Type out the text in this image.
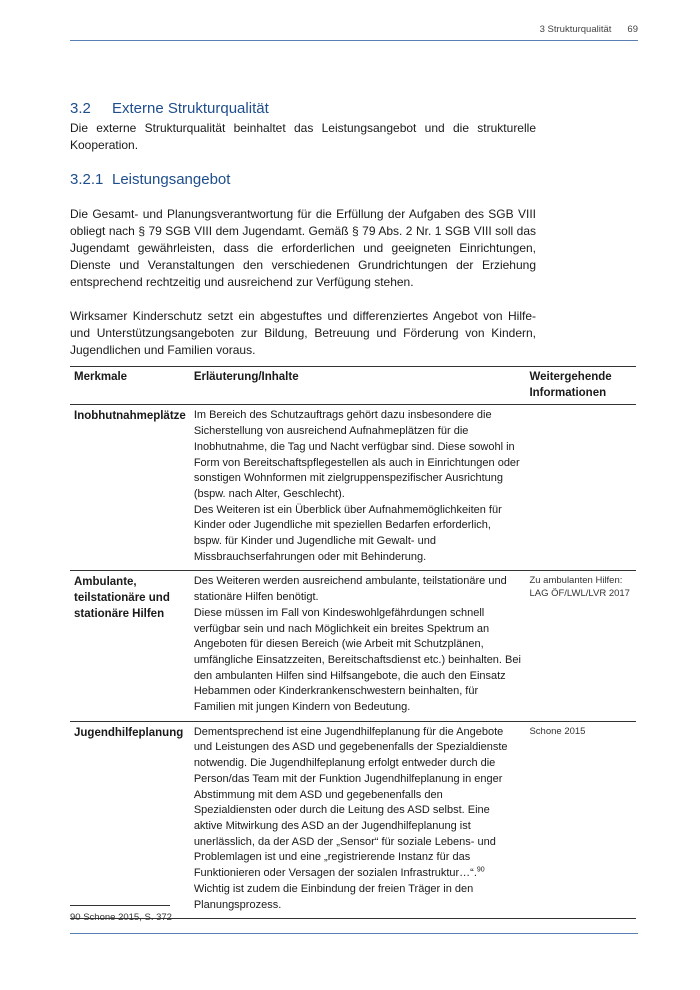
3 Strukturqualität 69
3.2 Externe Strukturqualität

Die externe Strukturqualität beinhaltet das Leistungsangebot und die strukturelle Kooperation.

3.2.1 Leistungsangebot

Die Gesamt- und Planungsverantwortung für die Erfüllung der Aufgaben des SGB VIII obliegt nach § 79 SGB VIII dem Jugendamt. Gemäß § 79 Abs. 2 Nr. 1 SGB VIII soll das Jugendamt gewährleisten, dass die erforderlichen und geeigneten Einrichtungen, Dienste und Veranstaltungen den verschiedenen Grundrichtungen der Erziehung entsprechend rechtzeitig und ausreichend zur Verfügung stehen.

Wirksamer Kinderschutz setzt ein abgestuftes und differenziertes Angebot von Hilfe- und Unterstützungsangeboten zur Bildung, Betreuung und Förderung von Kindern, Jugendlichen und Familien voraus.

Merkmale	Erläuterung/Inhalte	Weitergehende Informationen
Inobhutnahmeplätze	Im Bereich des Schutzauftrags gehört dazu insbesondere die Sicherstellung von ausreichend Aufnahmeplätzen für die Inobhutnahme, die Tag und Nacht verfügbar sind. Diese sowohl in Form von Bereitschaftspflegestellen als auch in Einrichtungen oder sonstigen Wohnformen mit zielgruppenspezifischer Ausrichtung (bspw. nach Alter, Geschlecht).
Des Weiteren ist ein Überblick über Aufnahmemöglichkeiten für Kinder oder Jugendliche mit speziellen Bedarfen erforderlich, bspw. für Kinder und Jugendliche mit Gewalt- und Missbrauchserfahrungen oder mit Behinderung.	

Ambulante, teilstationäre und stationäre Hilfen	Des Weiteren werden ausreichend ambulante, teilstationäre und stationäre Hilfen benötigt.
Diese müssen im Fall von Kindeswohlgefährdungen schnell verfügbar sein und nach Möglichkeit ein breites Spektrum an Angeboten für diesen Bereich (wie Arbeit mit Schutzplänen, umfängliche Einsatzzeiten, Bereitschaftsdienst etc.) beinhalten. Bei den ambulanten Hilfen sind Hilfsangebote, die auch den Einsatz Hebammen oder Kinderkrankenschwestern beinhalten, für Familien mit jungen Kindern von Bedeutung.	Zu ambulanten Hilfen: LAG ÖF/LWL/LVR 2017
Jugendhilfeplanung	Dementsprechend ist eine Jugendhilfeplanung für die Angebote und Leistungen des ASD und gegebenenfalls der Spezialdienste notwendig. Die Jugendhilfeplanung erfolgt entweder durch die Person/das Team mit der Funktion Jugendhilfeplanung in enger Abstimmung mit dem ASD und gegebenenfalls den Spezialdiensten oder durch die Leitung des ASD selbst. Eine aktive Mitwirkung des ASD an der Jugendhilfeplanung ist unerlässlich, da der ASD der „Sensor“ für soziale Lebens- und Problemlagen ist und eine „registrierende Instanz für das Funktionieren oder Versagen der sozialen Infrastruktur…“.$^{90}$ Wichtig ist zudem die Einbindung der freien Träger in den Planungsprozess.	Schone 2015
90 Schone 2015, S. 372
